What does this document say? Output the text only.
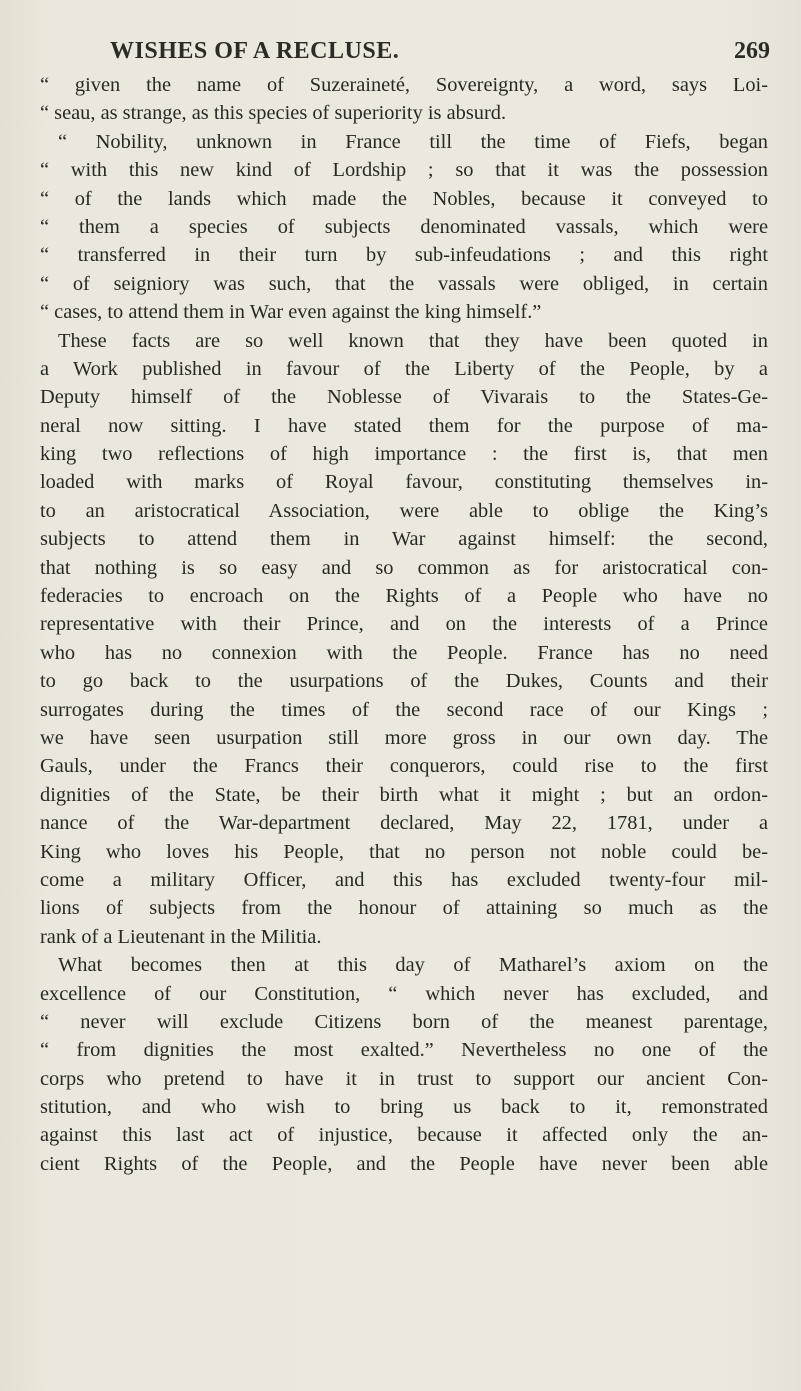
WISHES OF A RECLUSE.	269
“ given the name of Suzeraineté, Sovereignty, a word, says Loi-
“ seau, as strange, as this species of superiority is absurd.
“ Nobility, unknown in France till the time of Fiefs, began
“ with this new kind of Lordship ; so that it was the possession
“ of the lands which made the Nobles, because it conveyed to
“ them a species of subjects denominated vassals, which were
“ transferred in their turn by sub-infeudations ; and this right
“ of seigniory was such, that the vassals were obliged, in certain
“ cases, to attend them in War even against the king himself.”
These facts are so well known that they have been quoted in
a Work published in favour of the Liberty of the People, by a
Deputy himself of the Noblesse of Vivarais to the States-Ge-
neral now sitting. I have stated them for the purpose of ma-
king two reflections of high importance : the first is, that men
loaded with marks of Royal favour, constituting themselves in-
to an aristocratical Association, were able to oblige the King’s
subjects to attend them in War against himself: the second,
that nothing is so easy and so common as for aristocratical con-
federacies to encroach on the Rights of a People who have no
representative with their Prince, and on the interests of a Prince
who has no connexion with the People. France has no need
to go back to the usurpations of the Dukes, Counts and their
surrogates during the times of the second race of our Kings ;
we have seen usurpation still more gross in our own day. The
Gauls, under the Francs their conquerors, could rise to the first
dignities of the State, be their birth what it might ; but an ordon-
nance of the War-department declared, May 22, 1781, under a
King who loves his People, that no person not noble could be-
come a military Officer, and this has excluded twenty-four mil-
lions of subjects from the honour of attaining so much as the
rank of a Lieutenant in the Militia.
What becomes then at this day of Matharel’s axiom on the
excellence of our Constitution, “ which never has excluded, and
“ never will exclude Citizens born of the meanest parentage,
“ from dignities the most exalted.” Nevertheless no one of the
corps who pretend to have it in trust to support our ancient Con-
stitution, and who wish to bring us back to it, remonstrated
against this last act of injustice, because it affected only the an-
cient Rights of the People, and the People have never been able
